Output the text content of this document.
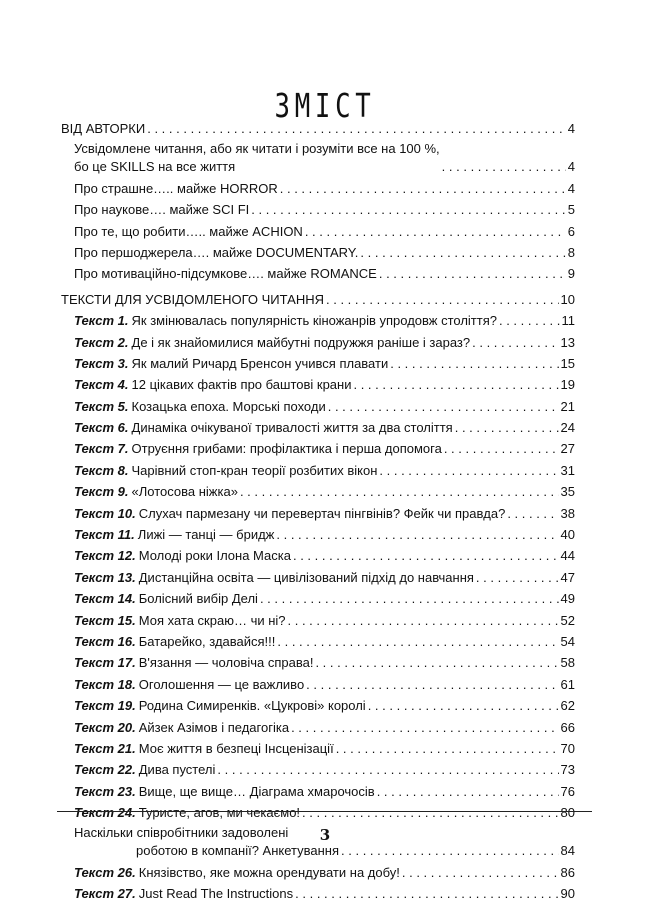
ЗМІСТ
ВІД АВТОРКИ . . .	4
Усвідомлене читання, або як читати і розуміти все на 100 %,
бо це SKILLS на все життя . . .	4
Про страшне….. майже HORROR . . .	4
Про наукове…. майже SCI FI . . .	5
Про те, що робити….. майже ACHION . . .	6
Про першоджерела…. майже DOCUMENTARY. . . .	8
Про мотиваційно-підсумкове…. майже ROMANCE . . .	9
ТЕКСТИ ДЛЯ УСВІДОМЛЕНОГО ЧИТАННЯ . . .	10
Текст 1. Як змінювалась популярність кіножанрів упродовж століття? . . .	11
Текст 2. Де і як знайомилися майбутні подружжя раніше і зараз? . . .	13
Текст 3. Як малий Ричард Бренсон учився плавати . . .	15
Текст 4. 12 цікавих фактів про баштові крани . . .	19
Текст 5. Козацька епоха. Морські походи . . .	21
Текст 6. Динаміка очікуваної тривалості життя за два століття . . .	24
Текст 7. Отруєння грибами: профілактика і перша допомога . . .	27
Текст 8. Чарівний стоп-кран теорії розбитих вікон . . .	31
Текст 9. «Лотосова ніжка» . . .	35
Текст 10. Слухач пармезану чи перевертач пінгвінів? Фейк чи правда? . . .	38
Текст 11. Лижі — танці — бридж . . .	40
Текст 12. Молоді роки Ілона Маска . . .	44
Текст 13. Дистанційна освіта — цивілізований підхід до навчання . . .	47
Текст 14. Болісний вибір Делі . . .	49
Текст 15. Моя хата скраю… чи ні? . . .	52
Текст 16. Батарейко, здавайся!!! . . .	54
Текст 17. В'язання — чоловіча справа! . . .	58
Текст 18. Оголошення — це важливо . . .	61
Текст 19. Родина Симиренків. «Цукрові» королі . . .	62
Текст 20. Айзек Азімов і педагогіка . . .	66
Текст 21. Моє життя в безпеці Інсценізації . . .	70
Текст 22. Дива пустелі . . .	73
Текст 23. Вище, ще вище… Діаграма хмарочосів . . .	76
Текст 24. Туристе, агов, ми чекаємо! . . .	80
Наскільки співробітники задоволені
роботою в компанії? Анкетування . . .	84
Текст 26. Князівство, яке можна орендувати на добу! . . .	86
Текст 27. Just Read The Instructions . . .	90
3
